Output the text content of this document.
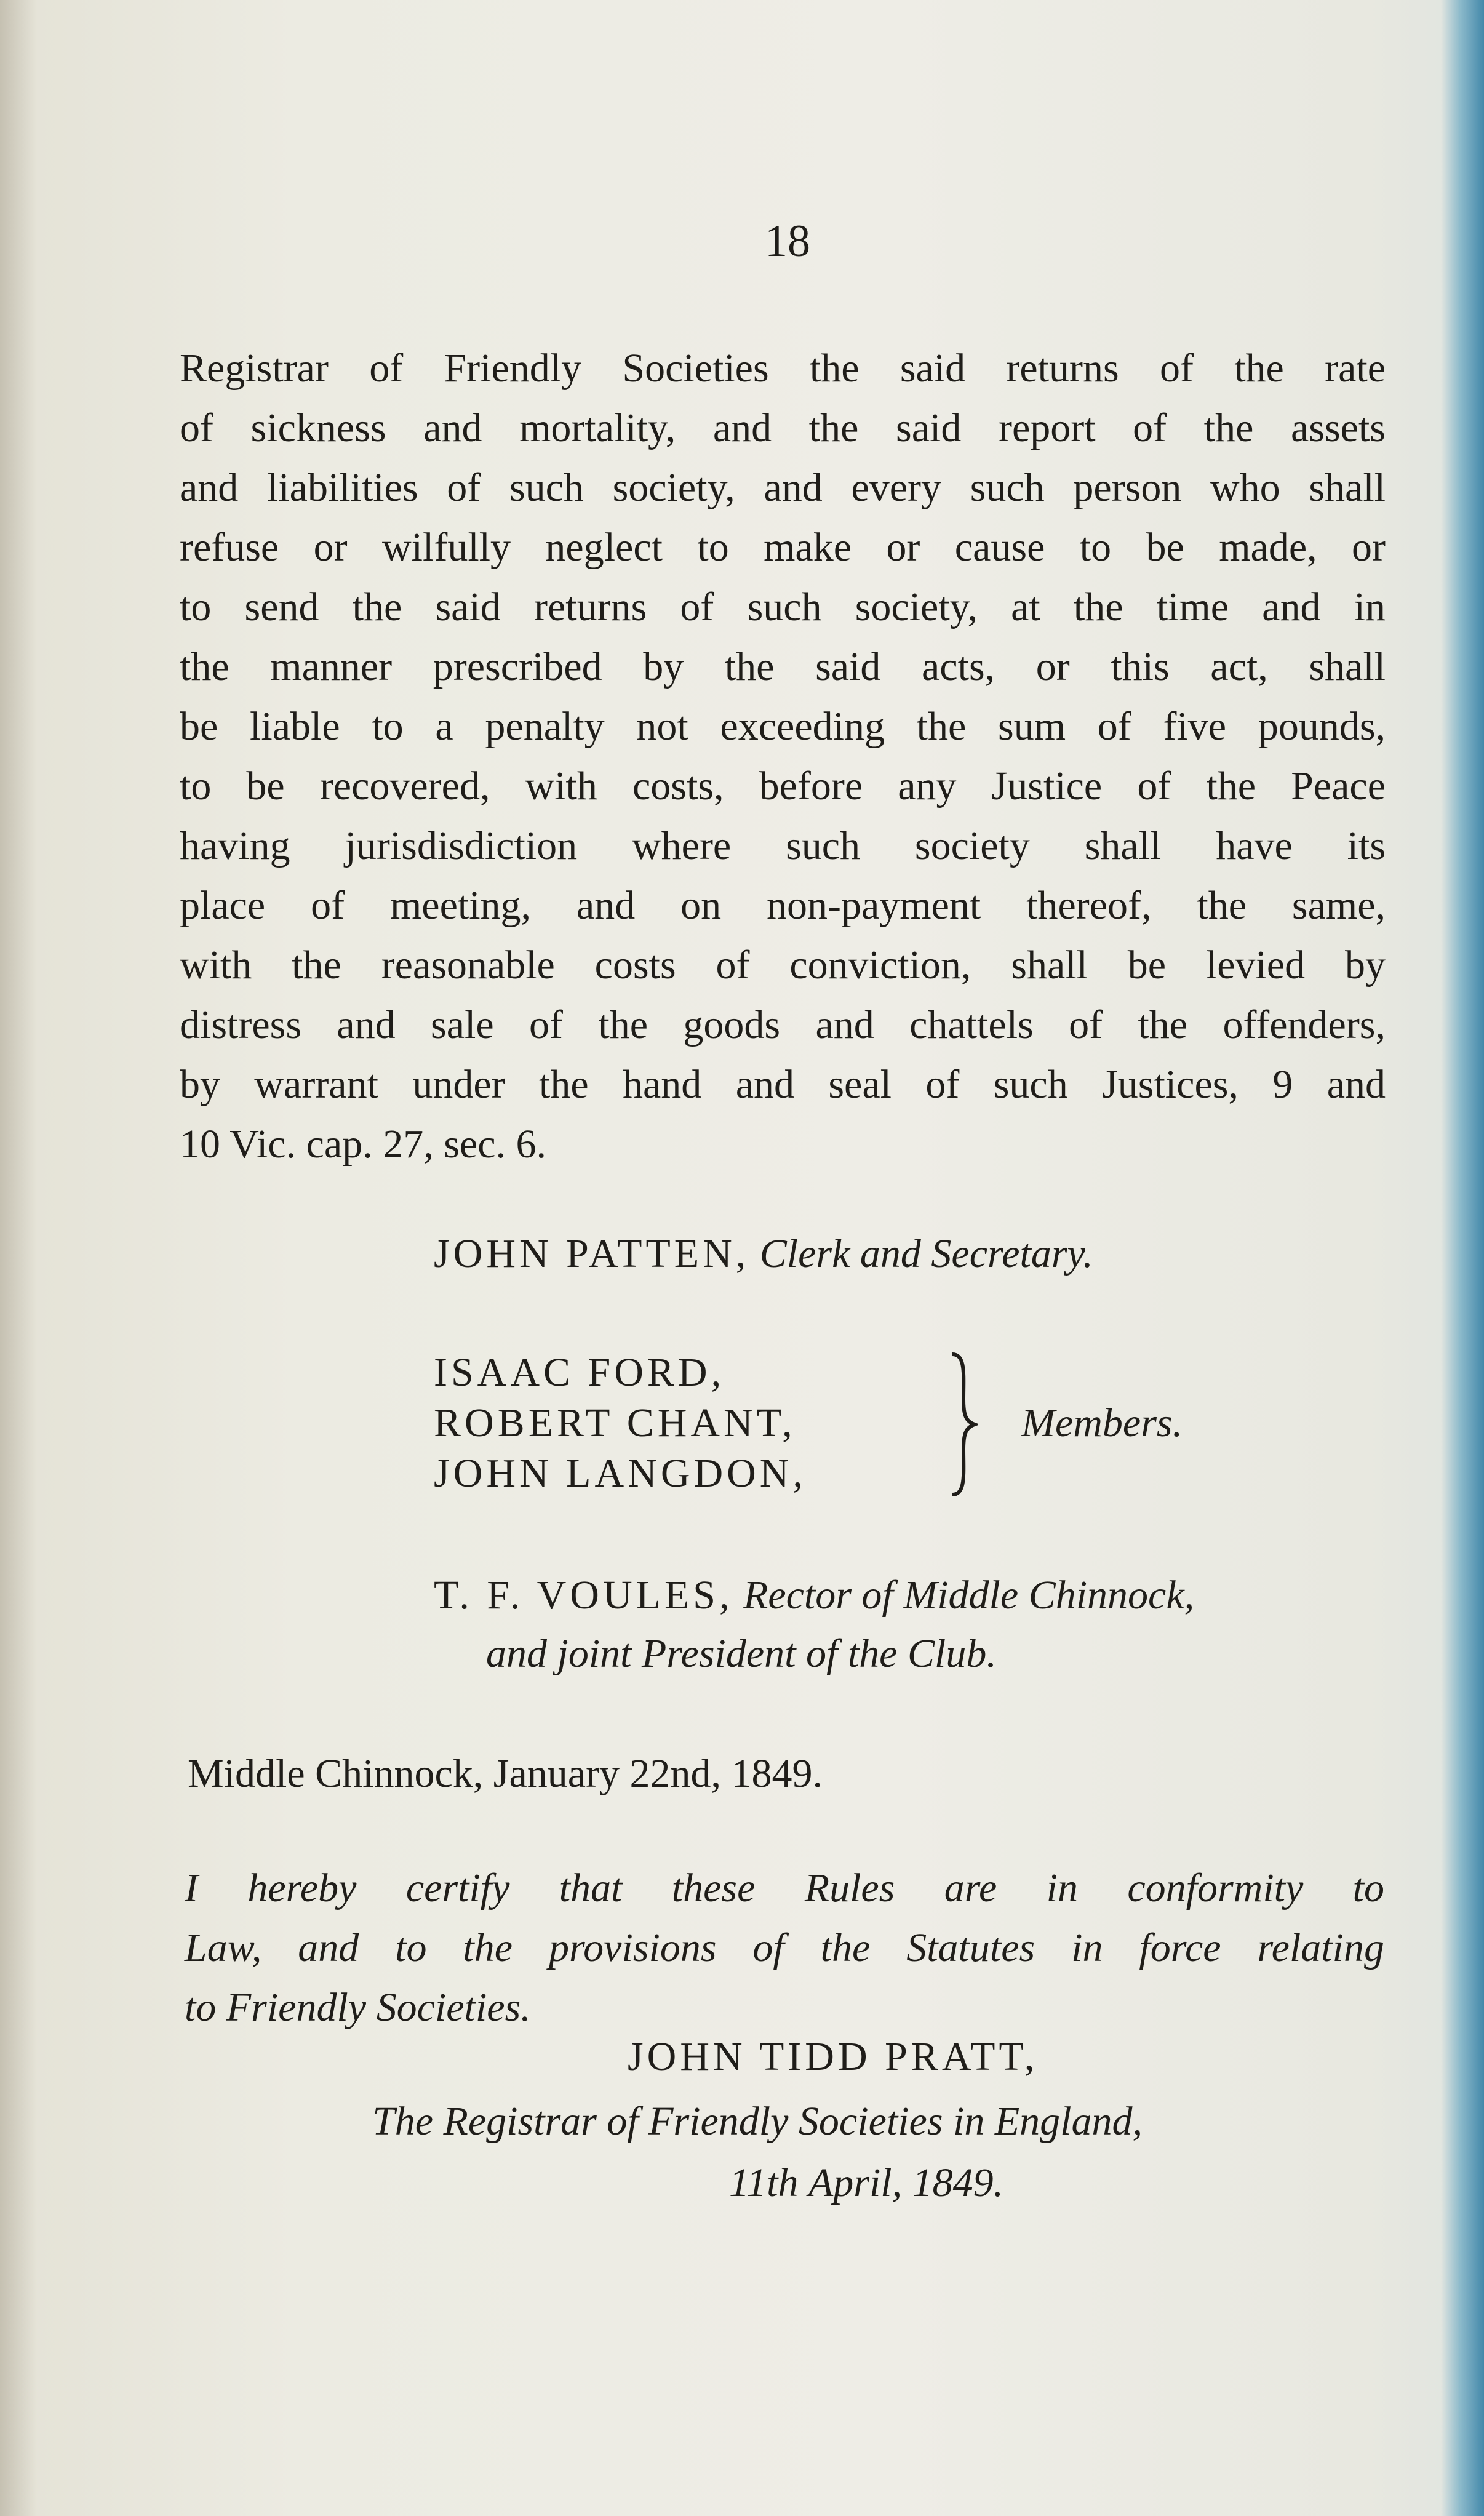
18
Registrar of Friendly Societies the said returns of the rate
of sickness and mortality, and the said report of the assets
and liabilities of such society, and every such person who shall
refuse or wilfully neglect to make or cause to be made, or
to send the said returns of such society, at the time and in
the manner prescribed by the said acts, or this act, shall
be liable to a penalty not exceeding the sum of five pounds,
to be recovered, with costs, before any Justice of the Peace
having jurisdisdiction where such society shall have its
place of meeting, and on non-payment thereof, the same,
with the reasonable costs of conviction, shall be levied by
distress and sale of the goods and chattels of the offenders,
by warrant under the hand and seal of such Justices, 9 and
10 Vic. cap. 27, sec. 6.
JOHN PATTEN, Clerk and Secretary.
ISAAC FORD,
ROBERT CHANT,
JOHN LANGDON,
Members.
T. F. VOULES, Rector of Middle Chinnock,
and joint President of the Club.
Middle Chinnock, January 22nd, 1849.
I hereby certify that these Rules are in conformity to
Law, and to the provisions of the Statutes in force relating
to Friendly Societies.
JOHN TIDD PRATT,
The Registrar of Friendly Societies in England,
11th April, 1849.
